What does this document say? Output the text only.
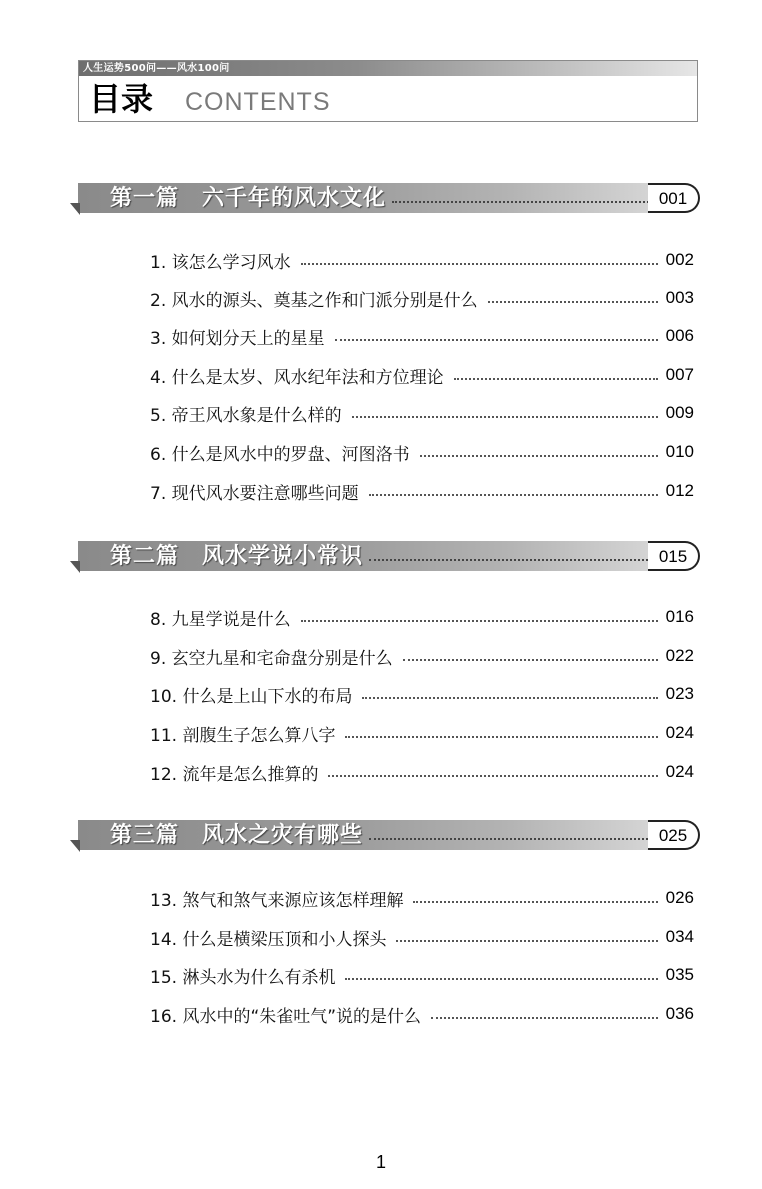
人生运势500问——风水100问
目录 CONTENTS
第一篇　六千年的风水文化	001
1. 该怎么学习风水	002
2. 风水的源头、奠基之作和门派分别是什么	003
3. 如何划分天上的星星	006
4. 什么是太岁、风水纪年法和方位理论	007
5. 帝王风水象是什么样的	009
6. 什么是风水中的罗盘、河图洛书	010
7. 现代风水要注意哪些问题	012
第二篇　风水学说小常识	015
8. 九星学说是什么	016
9. 玄空九星和宅命盘分别是什么	022
10. 什么是上山下水的布局	023
11. 剖腹生子怎么算八字	024
12. 流年是怎么推算的	024
第三篇　风水之灾有哪些	025
13. 煞气和煞气来源应该怎样理解	026
14. 什么是横梁压顶和小人探头	034
15. 淋头水为什么有杀机	035
16. 风水中的“朱雀吐气”说的是什么	036
1
